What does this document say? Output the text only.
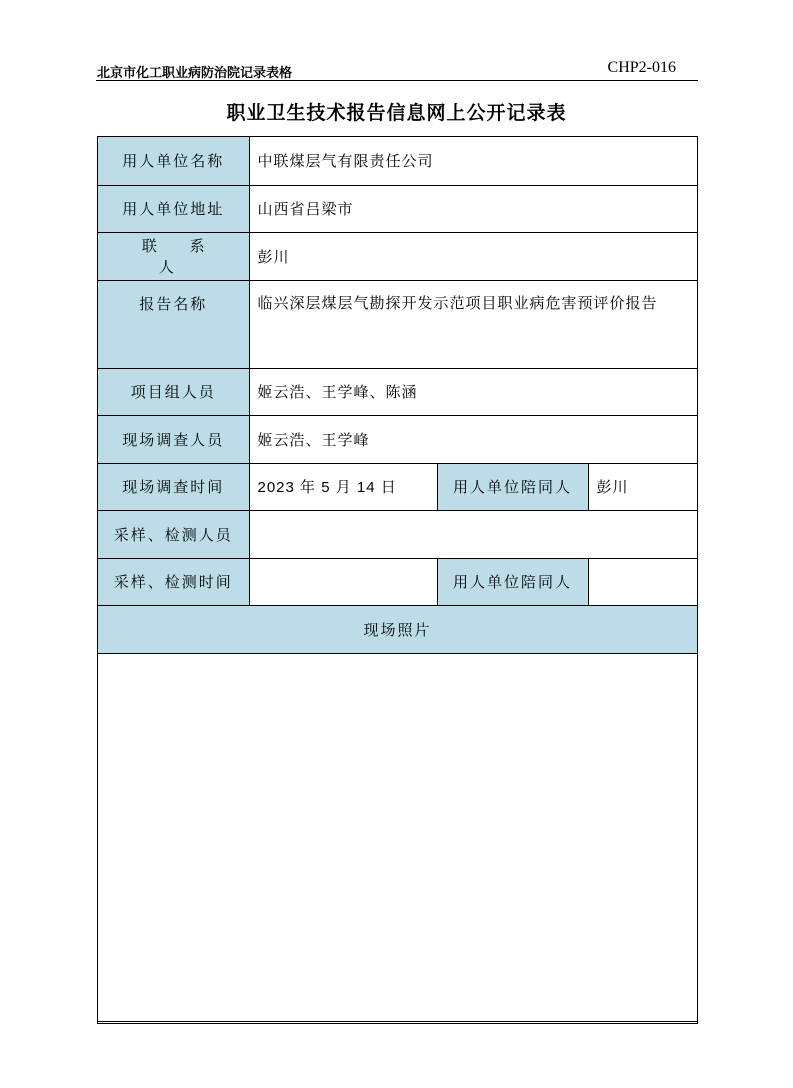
北京市化工职业病防治院记录表格	CHP2-016
职业卫生技术报告信息网上公开记录表
用人单位名称	中联煤层气有限责任公司		
用人单位地址	山西省吕梁市		
联 系 人	彭川		
报告名称	临兴深层煤层气勘探开发示范项目职业病危害预评价报告		
项目组人员	姬云浩、王学峰、陈涵		
现场调查人员	姬云浩、王学峰		
现场调查时间	2023 年 5 月 14 日	用人单位陪同人	彭川
采样、检测人员			
采样、检测时间		用人单位陪同人	
现场照片			
